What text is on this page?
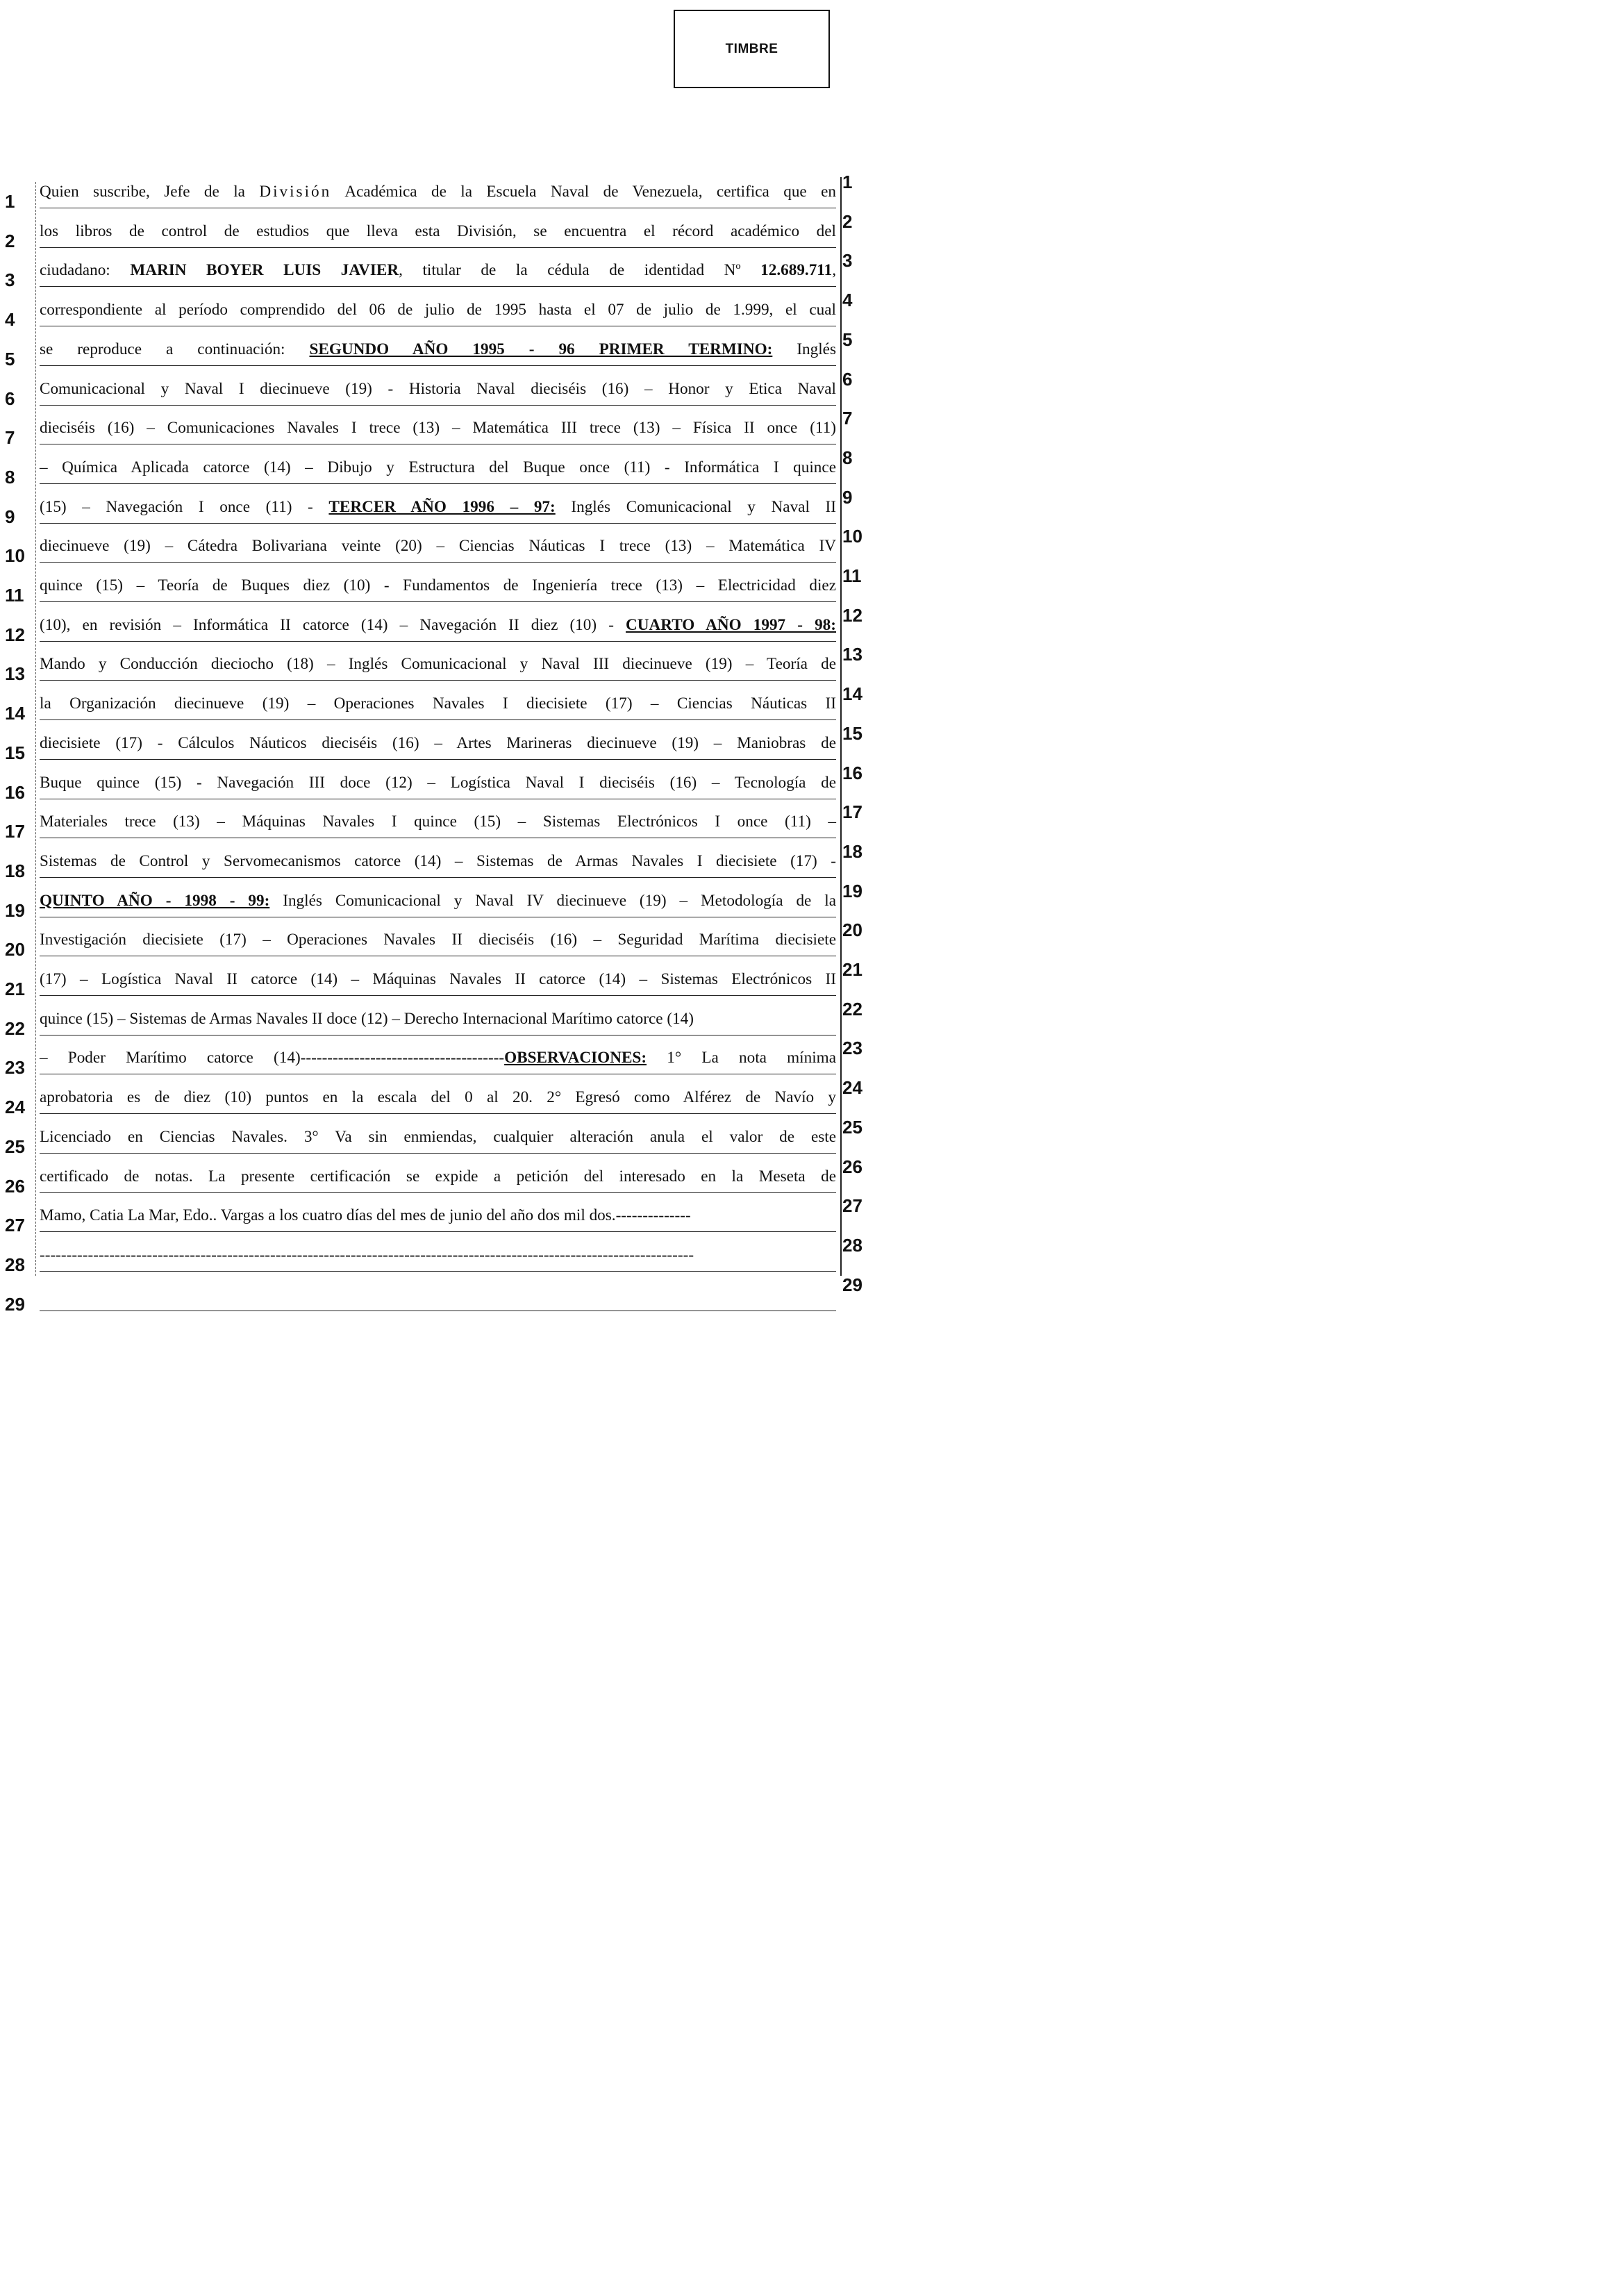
TIMBRE
1 Quien suscribe, Jefe de la División Académica de la Escuela Naval de Venezuela, certifica que en 1
2 los libros de control de estudios que lleva esta División, se encuentra el récord académico del 2
3 ciudadano: MARIN BOYER LUIS JAVIER, titular de la cédula de identidad Nº 12.689.711, 3
4 correspondiente al período comprendido del 06 de julio de 1995 hasta el 07 de julio de 1.999, el cual 4
5 se reproduce a continuación: SEGUNDO AÑO 1995 - 96 PRIMER TERMINO: Inglés 5
6 Comunicacional y Naval I diecinueve (19) - Historia Naval dieciséis (16) – Honor y Etica Naval 6
7 dieciséis (16) – Comunicaciones Navales I trece (13) – Matemática III trece (13) – Física II once (11) 7
8 – Química Aplicada catorce (14) – Dibujo y Estructura del Buque once (11) - Informática I quince 8
9 (15) – Navegación I once (11) - TERCER AÑO 1996 – 97: Inglés Comunicacional y Naval II 9
10 diecinueve (19) – Cátedra Bolivariana veinte (20) – Ciencias Náuticas I trece (13) – Matemática IV 10
11 quince (15) – Teoría de Buques diez (10) - Fundamentos de Ingeniería trece (13) – Electricidad diez 11
12 (10), en revisión – Informática II catorce (14) – Navegación II diez (10) - CUARTO AÑO 1997 - 98: 12
13 Mando y Conducción dieciocho (18) – Inglés Comunicacional y Naval III diecinueve (19) – Teoría de 13
14 la Organización diecinueve (19) – Operaciones Navales I diecisiete (17) – Ciencias Náuticas II 14
15 diecisiete (17) - Cálculos Náuticos dieciséis (16) – Artes Marineras diecinueve (19) – Maniobras de 15
16 Buque quince (15) - Navegación III doce (12) – Logística Naval I dieciséis (16) – Tecnología de 16
17 Materiales trece (13) – Máquinas Navales I quince (15) – Sistemas Electrónicos I once (11) – 17
18 Sistemas de Control y Servomecanismos catorce (14) – Sistemas de Armas Navales I diecisiete (17) - 18
19 QUINTO AÑO - 1998 - 99: Inglés Comunicacional y Naval IV diecinueve (19) – Metodología de la 19
20 Investigación diecisiete (17) – Operaciones Navales II dieciséis (16) – Seguridad Marítima diecisiete 20
21 (17) – Logística Naval II catorce (14) – Máquinas Navales II catorce (14) – Sistemas Electrónicos II 21
22 quince (15) – Sistemas de Armas Navales II doce (12) – Derecho Internacional Marítimo catorce (14)	22
23 – Poder Marítimo catorce (14)--------------------------------------OBSERVACIONES: 1° La nota mínima 23
24 aprobatoria es de diez (10) puntos en la escala del 0 al 20. 2° Egresó como Alférez de Navío y 24
25 Licenciado en Ciencias Navales. 3° Va sin enmiendas, cualquier alteración anula el valor de este 25
26 certificado de notas. La presente certificación se expide a petición del interesado en la Meseta de 26
27 Mamo, Catia La Mar, Edo.. Vargas a los cuatro días del mes de junio del año dos mil dos.--------------	27
28 --------------------------------------------------------------------------------------------------------------------------	28
29
29
